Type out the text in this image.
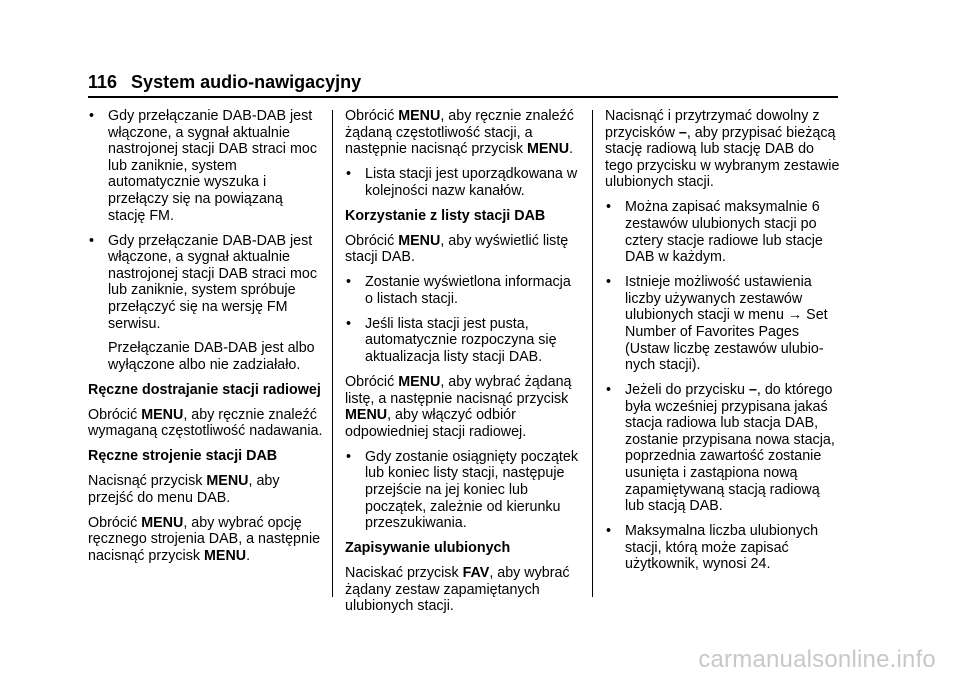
116 System audio-nawigacyjny

• Gdy przełączanie DAB-DAB jest włączone, a sygnał aktualnie nastrojonej stacji DAB straci moc lub zaniknie, system automatycznie wyszuka i przełączy się na powiązaną stację FM.

• Gdy przełączanie DAB-DAB jest włączone, a sygnał aktualnie nastrojonej stacji DAB straci moc lub zaniknie, system spróbuje przełączyć się na wersję FM serwisu.

Przełączanie DAB-DAB jest albo wyłączone albo nie zadziałało.

Ręczne dostrajanie stacji radiowej

Obrócić MENU, aby ręcznie znaleźć wymaganą częstotliwość nadawania.

Ręczne strojenie stacji DAB

Nacisnąć przycisk MENU, aby przejść do menu DAB.

Obrócić MENU, aby wybrać opcję ręcznego strojenia DAB, a następnie nacisnąć przycisk MENU.

Obrócić MENU, aby ręcznie znaleźć żądaną częstotliwość stacji, a następnie nacisnąć przycisk MENU.

• Lista stacji jest uporządkowana w kolejności nazw kanałów.

Korzystanie z listy stacji DAB

Obrócić MENU, aby wyświetlić listę stacji DAB.

• Zostanie wyświetlona informacja o listach stacji.

• Jeśli lista stacji jest pusta, automatycznie rozpoczyna się aktualizacja listy stacji DAB.

Obrócić MENU, aby wybrać żądaną listę, a następnie nacisnąć przycisk MENU, aby włączyć odbiór odpowiedniej stacji radiowej.

• Gdy zostanie osiągnięty początek lub koniec listy stacji, następuje przejście na jej koniec lub początek, zależnie od kierunku przeszukiwania.

Zapisywanie ulubionych

Naciskać przycisk FAV, aby wybrać żądany zestaw zapamiętanych ulubionych stacji.

Nacisnąć i przytrzymać dowolny z przycisków –, aby przypisać bieżącą stację radiową lub stację DAB do tego przycisku w wybranym zestawie ulubionych stacji.

• Można zapisać maksymalnie 6 zestawów ulubionych stacji po cztery stacje radiowe lub stacje DAB w każdym.

• Istnieje możliwość ustawienia liczby używanych zestawów ulubionych stacji w menu → Set Number of Favorites Pages (Ustaw liczbę zestawów ulubio- nych stacji).

• Jeżeli do przycisku –, do którego była wcześniej przypisana jakaś stacja radiowa lub stacja DAB, zostanie przypisana nowa stacja, poprzednia zawartość zostanie usunięta i zastąpiona nową zapamiętywaną stacją radiową lub stacją DAB.

• Maksymalna liczba ulubionych stacji, którą może zapisać użytkownik, wynosi 24.

carmanualsonline.info
